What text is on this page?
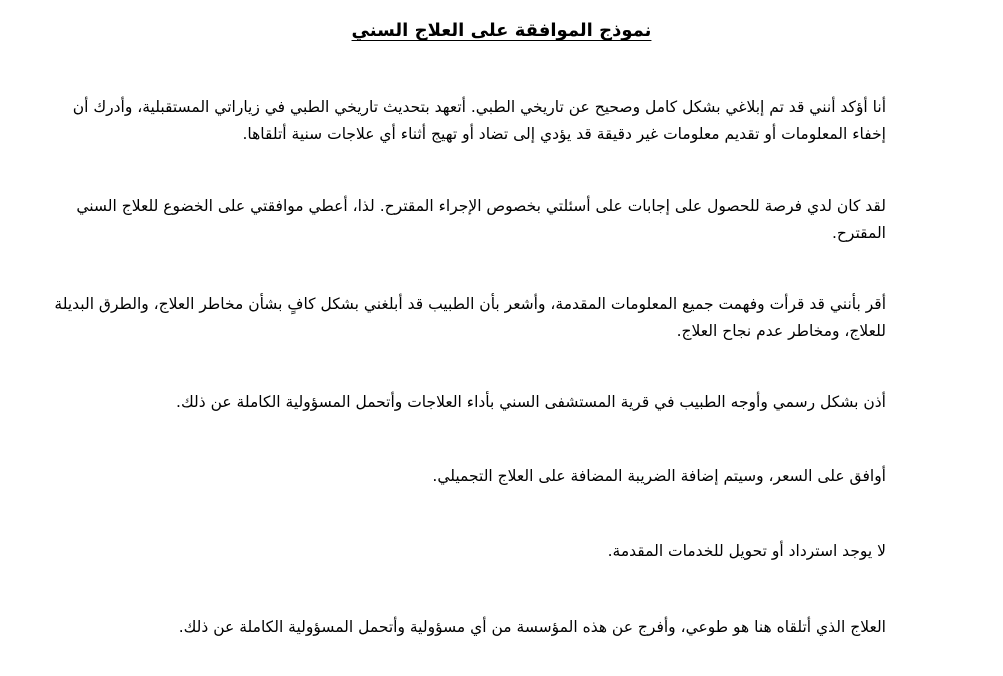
نموذج الموافقة على العلاج السني
أنا أؤكد أنني قد تم إبلاغي بشكل كامل وصحيح عن تاريخي الطبي. أتعهد بتحديث تاريخي الطبي في زياراتي المستقبلية، وأدرك أن
إخفاء المعلومات أو تقديم معلومات غير دقيقة قد يؤدي إلى تضاد أو تهيج أثناء أي علاجات سنية أتلقاها.
لقد كان لدي فرصة للحصول على إجابات على أسئلتي بخصوص الإجراء المقترح. لذا، أعطي موافقتي على الخضوع للعلاج السني
المقترح.
أقر بأنني قد قرأت وفهمت جميع المعلومات المقدمة، وأشعر بأن الطبيب قد أبلغني بشكل كافٍ بشأن مخاطر العلاج، والطرق البديلة
للعلاج، ومخاطر عدم نجاح العلاج.
أذن بشكل رسمي وأوجه الطبيب في قرية المستشفى السني بأداء العلاجات وأتحمل المسؤولية الكاملة عن ذلك.
أوافق على السعر، وسيتم إضافة الضريبة المضافة على العلاج التجميلي.
لا يوجد استرداد أو تحويل للخدمات المقدمة.
العلاج الذي أتلقاه هنا هو طوعي، وأفرج عن هذه المؤسسة من أي مسؤولية وأتحمل المسؤولية الكاملة عن ذلك.
